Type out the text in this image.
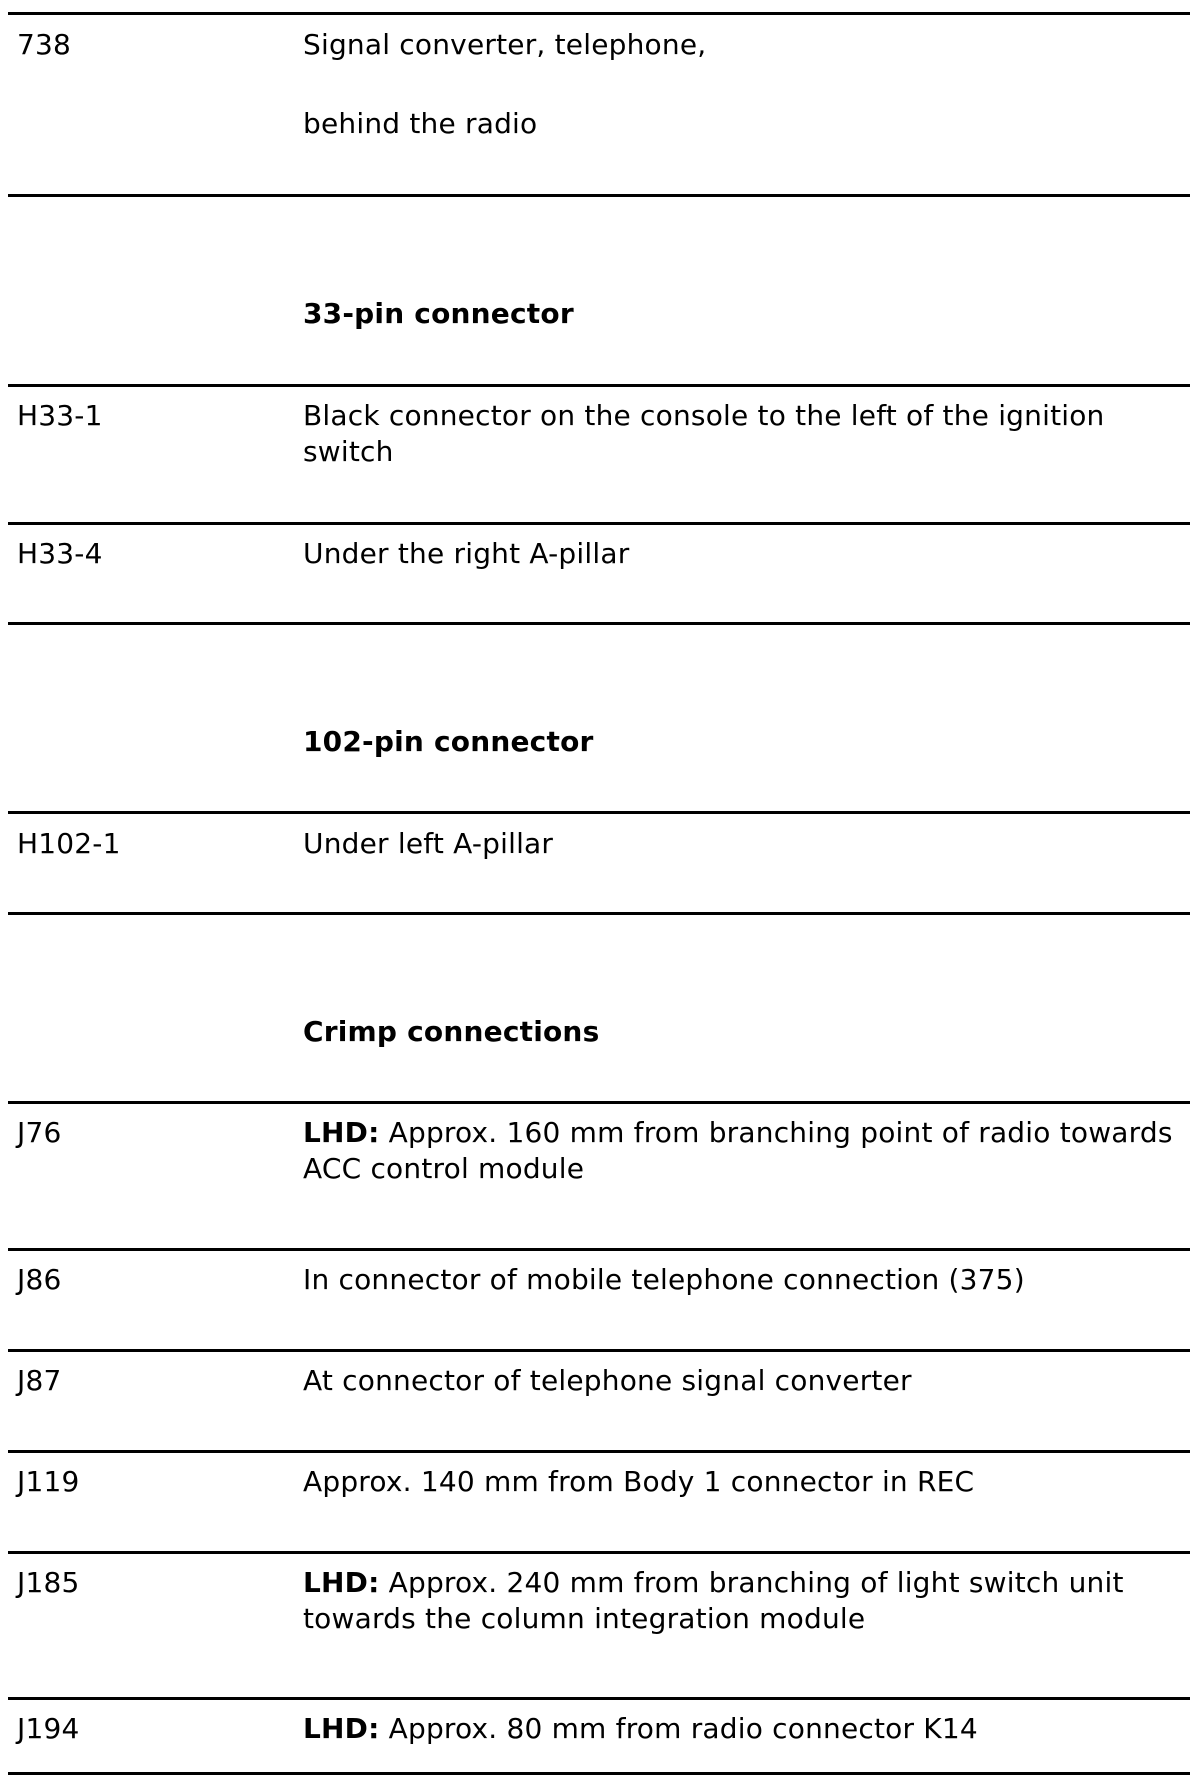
738	Signal converter, telephone,
behind the radio
33-pin connector
H33-1	Black connector on the console to the left of the ignition switch
H33-4	Under the right A-pillar
102-pin connector
H102-1	Under left A-pillar
Crimp connections
J76	LHD: Approx. 160 mm from branching point of radio towards ACC control module
J86	In connector of mobile telephone connection (375)
J87	At connector of telephone signal converter
J119	Approx. 140 mm from Body 1 connector in REC
J185	LHD: Approx. 240 mm from branching of light switch unit towards the column integration module
J194	LHD: Approx. 80 mm from radio connector K14
